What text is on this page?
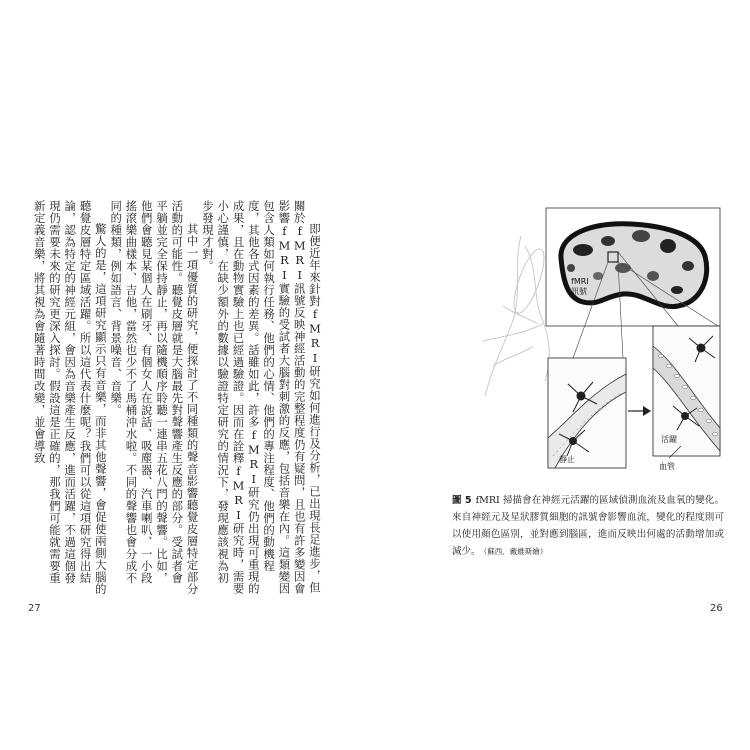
即便近年來針對fMRI研究如何進行及分析，已出現長足進步，但關於fMRI訊號反映神經活動的完整程度仍有疑問，且也有許多變因會影響fMRI實驗的受試者大腦對刺激的反應，包括音樂在內。這類變因包含人類如何執行任務、他們的心情、他們的專注程度、他們的動機程度，其他各式因素的差異。話雖如此，許多fMRI研究仍出現可重現的成果，且在動物實驗上也已經過驗證。因而在詮釋fMRI研究時，需要小心謹慎，在缺少額外的數據以驗證特定研究的情況下，發現應該視為初步發現才對。

其中一項優質的研究，便探討了不同種類的聲音影響聽覺皮層特定部分活動的可能性。聽覺皮層就是大腦最先對聲響產生反應的部分。受試者會平躺並完全保持靜止，再以隨機順序聆聽一連串五花八門的聲響。比如，他們會聽見某個人在刷牙、有個女人在說話、吸塵器、汽車喇叭、一小段搖滾樂曲樣本、吉他，當然也少不了馬桶沖水啦。不同的聲響也會分成不同的種類，例如語言、背景噪音、音樂。

驚人的是，這項研究顯示只有音樂，而非其他聲響，會促使兩側大腦的聽覺皮層特定區域活躍。所以這代表什麼呢？我們可以從這項研究得出結論，認為特定的神經元組，會因為音樂產生反應，進而活躍，不過這個發現仍需要未來的研究更深入探討。假設這是正確的，那我們可能就需要重新定義音樂，將其視為會隨著時間改變，並會導致

27
fMRI
訊號
靜止
活躍
血管
圖 5 fMRI 掃描會在神經元活躍的區域偵測血流及血氧的變化。來自神經元及星狀膠質細胞的訊號會影響血流，變化的程度則可以使用顏色區別，並對應到腦區，進而反映出何處的活動增加或減少。 （蘇西．戴維斯繪）
26
